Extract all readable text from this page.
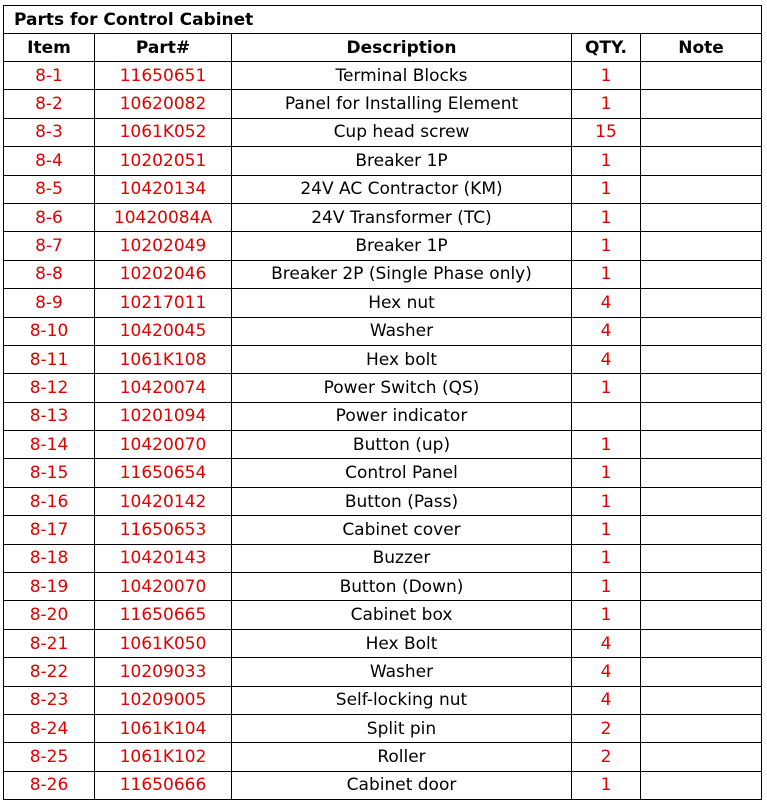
Parts for Control Cabinet				
Item	Part#	Description	QTY.	Note
8-1	11650651	Terminal Blocks	1	
8-2	10620082	Panel for Installing Element	1	
8-3	1061K052	Cup head screw	15	
8-4	10202051	Breaker 1P	1	
8-5	10420134	24V AC Contractor (KM)	1	
8-6	10420084A	24V Transformer (TC)	1	
8-7	10202049	Breaker 1P	1	
8-8	10202046	Breaker 2P (Single Phase only)	1	
8-9	10217011	Hex nut	4	
8-10	10420045	Washer	4	
8-11	1061K108	Hex bolt	4	
8-12	10420074	Power Switch (QS)	1	
8-13	10201094	Power indicator		
8-14	10420070	Button (up)	1	
8-15	11650654	Control Panel	1	
8-16	10420142	Button (Pass)	1	
8-17	11650653	Cabinet cover	1	
8-18	10420143	Buzzer	1	
8-19	10420070	Button (Down)	1	
8-20	11650665	Cabinet box	1	
8-21	1061K050	Hex Bolt	4	
8-22	10209033	Washer	4	
8-23	10209005	Self-locking nut	4	
8-24	1061K104	Split pin	2	
8-25	1061K102	Roller	2	
8-26	11650666	Cabinet door	1	
